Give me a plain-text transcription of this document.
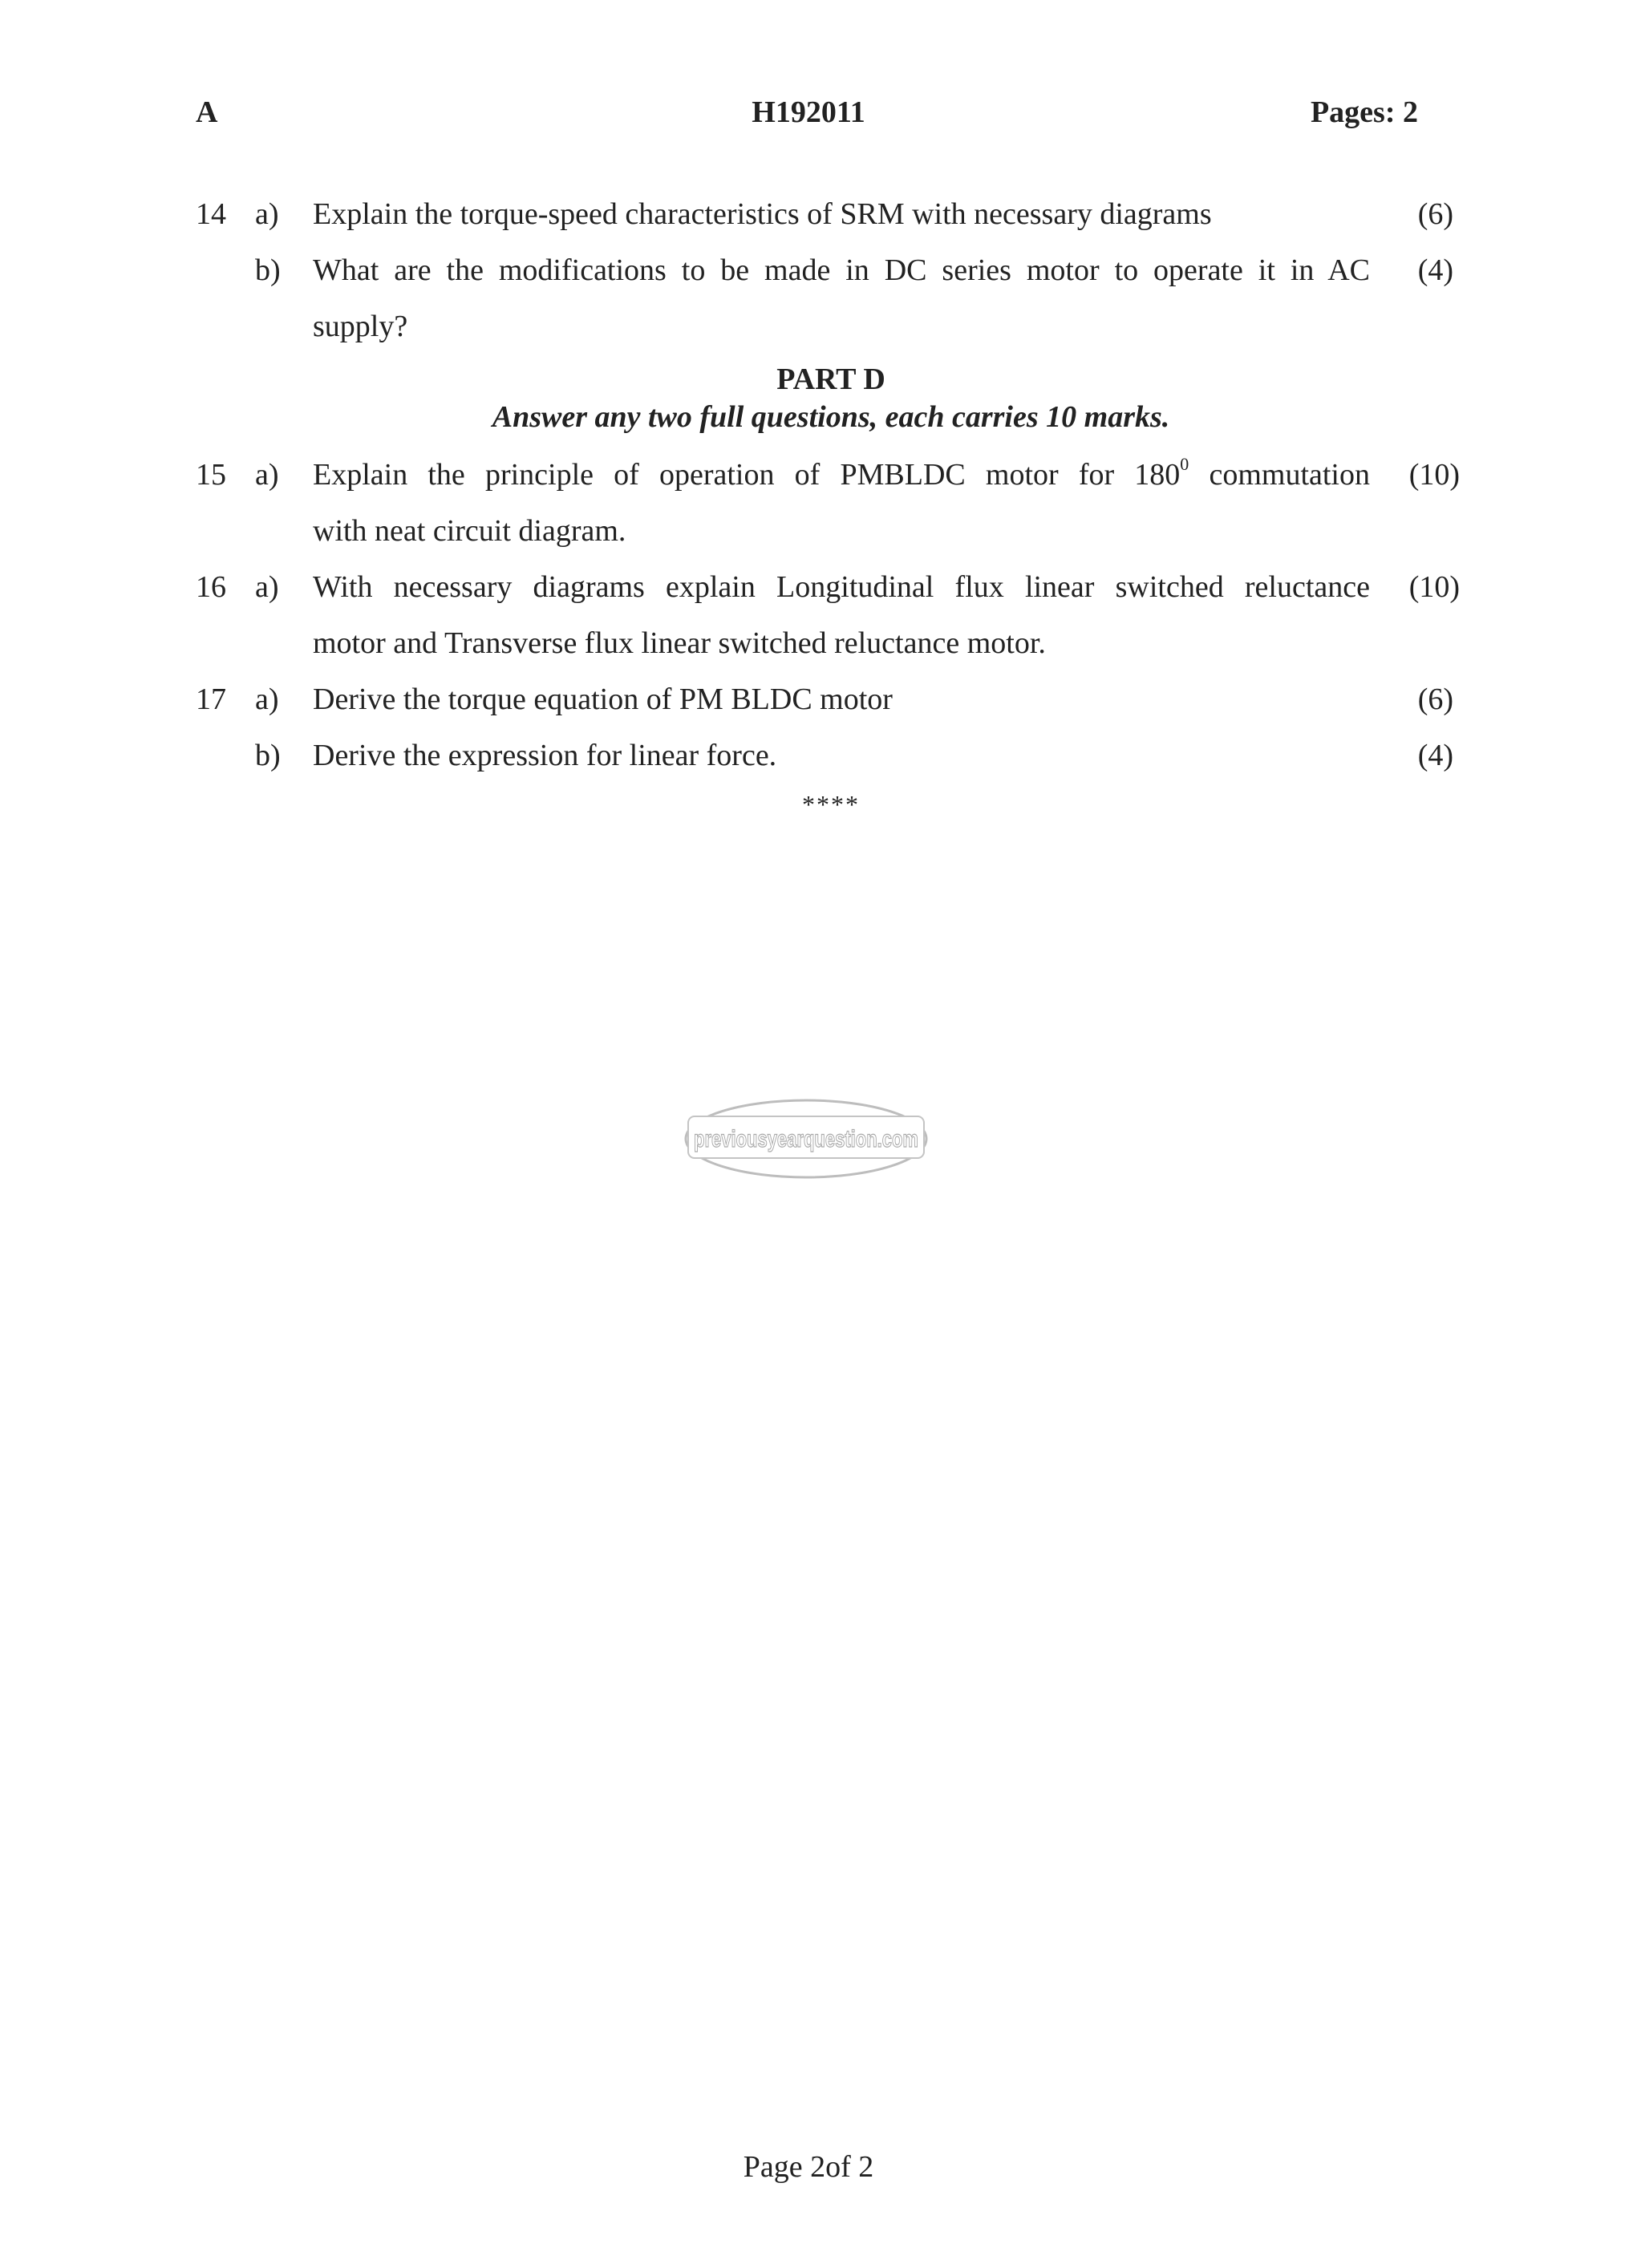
A	H192011	Pages: 2
14 a)	Explain the torque-speed characteristics of SRM with necessary diagrams	(6)
b)	What are the modifications to be made in DC series motor to operate it in AC	(4)
supply?
PART D
Answer any two full questions, each carries 10 marks.
15 a)	Explain the principle of operation of PMBLDC motor for $180^0$ commutation	(10)
with neat circuit diagram.
16 a)	With necessary diagrams explain Longitudinal flux linear switched reluctance	(10)
motor and Transverse flux linear switched reluctance motor.
17 a)	Derive the torque equation of PM BLDC motor	(6)
b)	Derive the expression for linear force.	(4)
****
previousyearquestion.com
Page 2of 2
